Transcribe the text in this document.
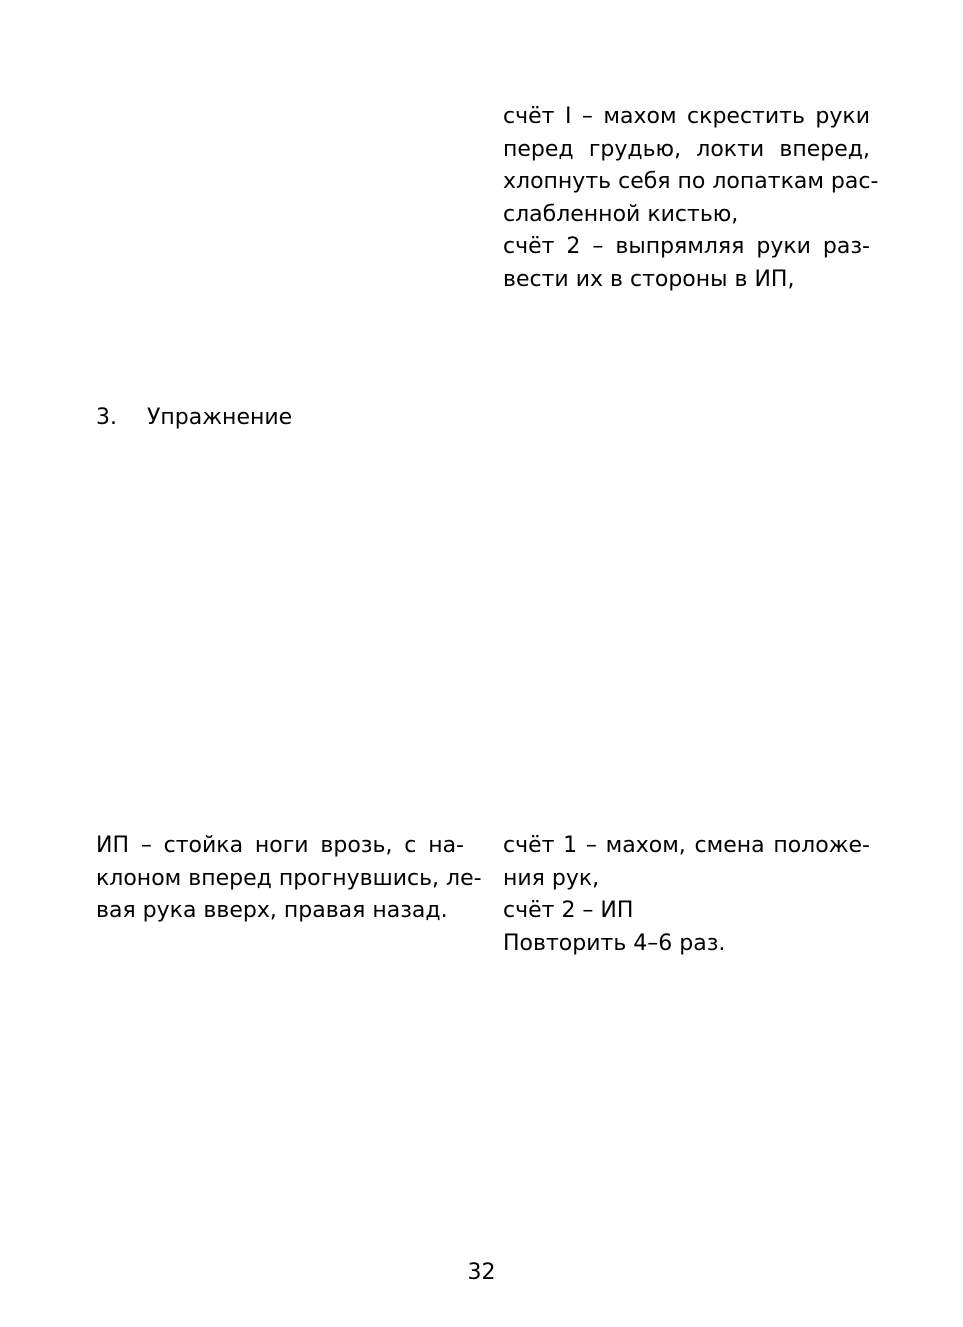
счёт I – махом скрестить руки
перед грудью, локти вперед,
хлопнуть себя по лопаткам рас-
слабленной кистью,
счёт 2 – выпрямляя руки раз-
вести их в стороны в ИП,
3. Упражнение
ИП – стойка ноги врозь, с на-
клоном вперед прогнувшись, ле-
вая рука вверх, правая назад.
счёт 1 – махом, смена положе-
ния рук,
счёт 2 – ИП
Повторить 4–6 раз.
32
